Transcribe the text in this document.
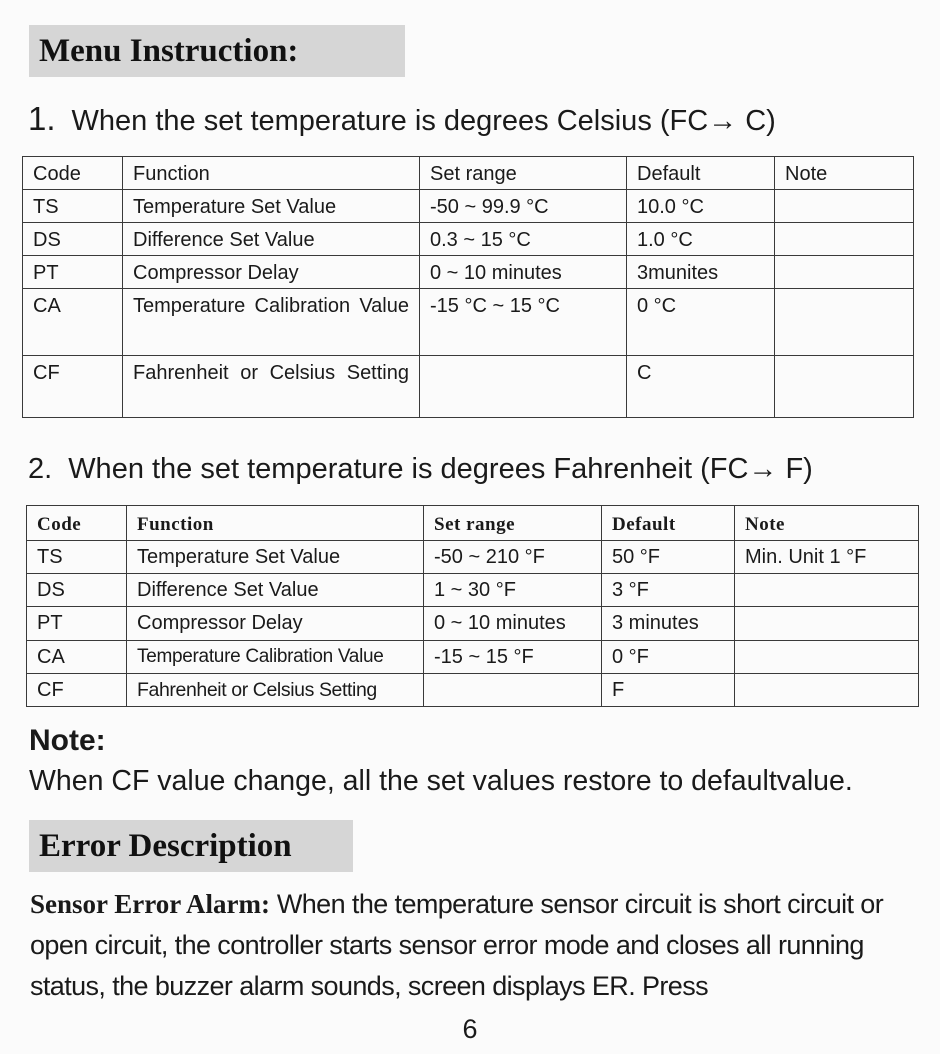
Menu Instruction:
1. When the set temperature is degrees Celsius (FC→ C)
Code	Function	Set range	Default	Note
TS	Temperature Set Value	-50 ~ 99.9 °C	10.0 °C	
DS	Difference Set Value	0.3 ~ 15 °C	1.0 °C	
PT	Compressor Delay	0 ~ 10 minutes	3munites	
CA	Temperature Calibration Value	-15 °C ~ 15 °C	0 °C	
CF	Fahrenheit or Celsius Setting		C	
2. When the set temperature is degrees Fahrenheit (FC→ F)
Code	Function	Set range	Default	Note
TS	Temperature Set Value	-50 ~ 210 °F	50 °F	Min. Unit 1 °F
DS	Difference Set Value	1 ~ 30 °F	3 °F	
PT	Compressor Delay	0 ~ 10 minutes	3 minutes	
CA	Temperature Calibration Value	-15 ~ 15 °F	0 °F	
CF	Fahrenheit or Celsius Setting		F	
Note:
When CF value change, all the set values restore to defaultvalue.
Error Description
Sensor Error Alarm: When the temperature sensor circuit is short circuit or open circuit, the controller starts sensor error mode and closes all running status, the buzzer alarm sounds, screen displays ER. Press
6
